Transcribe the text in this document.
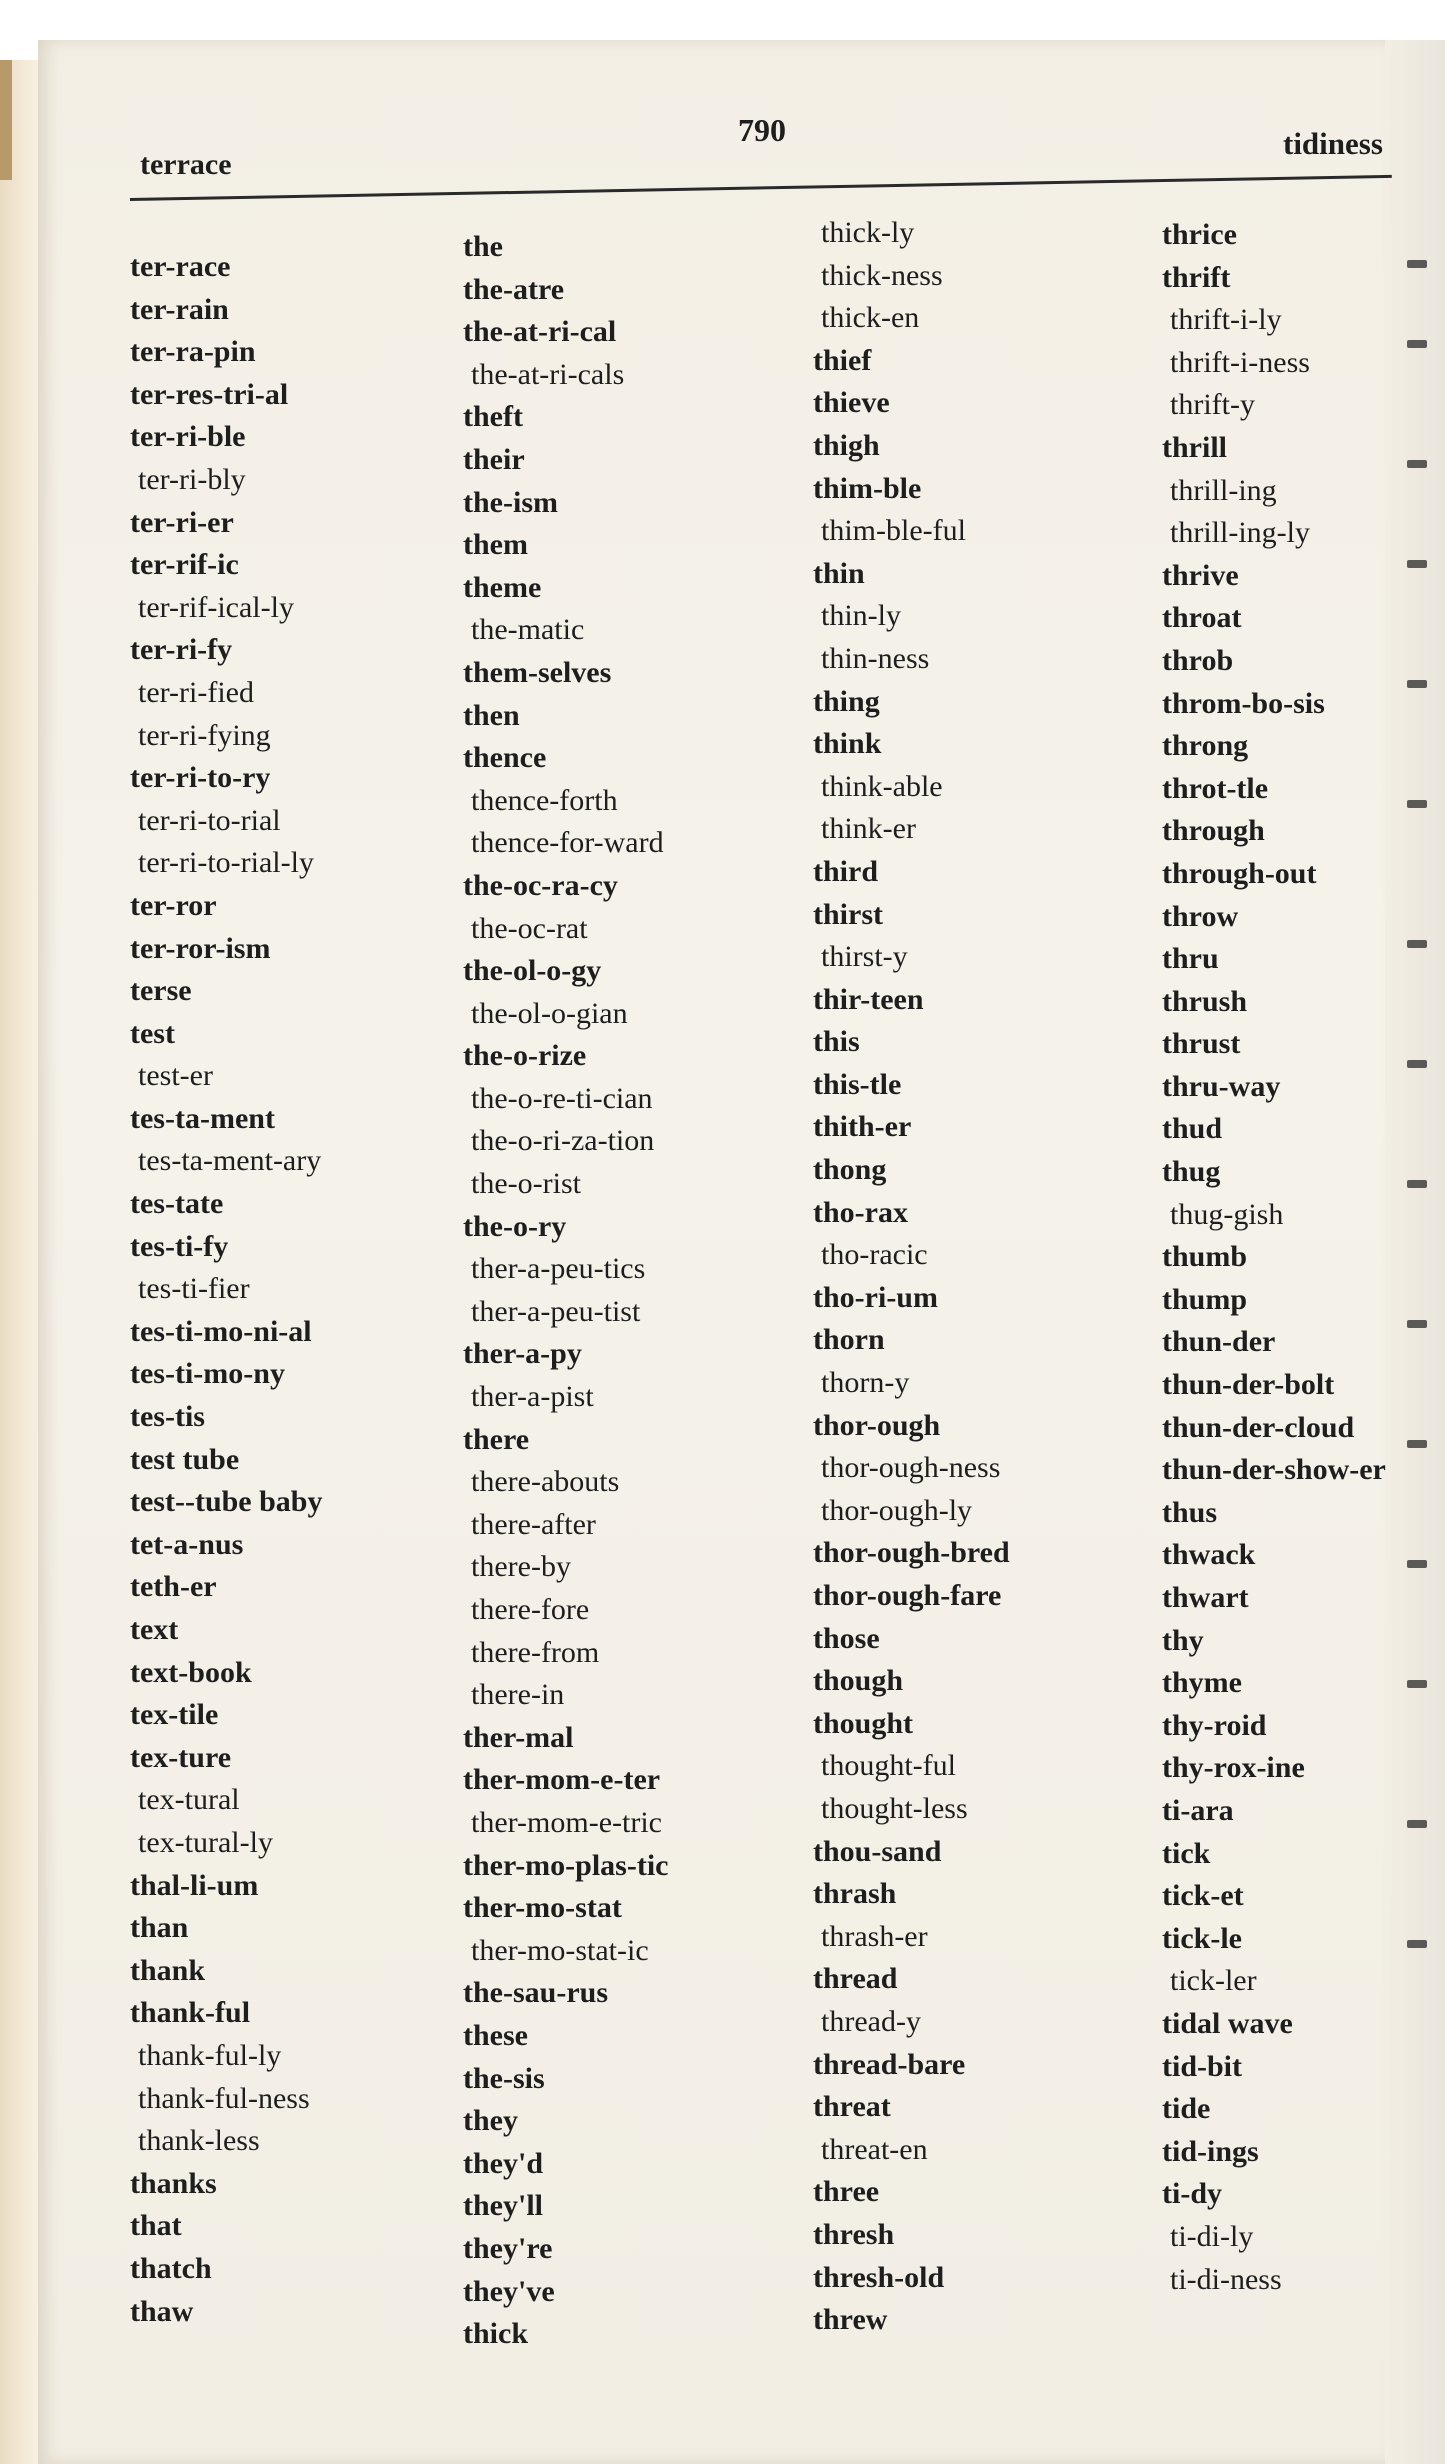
terrace
790	tidiness
ter-race
ter-rain
ter-ra-pin
ter-res-tri-al
ter-ri-ble
ter-ri-bly
ter-ri-er
ter-rif-ic
ter-rif-ical-ly
ter-ri-fy
ter-ri-fied
ter-ri-fying
ter-ri-to-ry
ter-ri-to-rial
ter-ri-to-rial-ly
ter-ror
ter-ror-ism
terse
test
test-er
tes-ta-ment
tes-ta-ment-ary
tes-tate
tes-ti-fy
tes-ti-fier
tes-ti-mo-ni-al
tes-ti-mo-ny
tes-tis
test tube
test--tube baby
tet-a-nus
teth-er
text
text-book
tex-tile
tex-ture
tex-tural
tex-tural-ly
thal-li-um
than
thank
thank-ful
thank-ful-ly
thank-ful-ness
thank-less
thanks
that
thatch
thaw
the
the-atre
the-at-ri-cal
the-at-ri-cals
theft
their
the-ism
them
theme
the-matic
them-selves
then
thence
thence-forth
thence-for-ward
the-oc-ra-cy
the-oc-rat
the-ol-o-gy
the-ol-o-gian
the-o-rize
the-o-re-ti-cian
the-o-ri-za-tion
the-o-rist
the-o-ry
ther-a-peu-tics
ther-a-peu-tist
ther-a-py
ther-a-pist
there
there-abouts
there-after
there-by
there-fore
there-from
there-in
ther-mal
ther-mom-e-ter
ther-mom-e-tric
ther-mo-plas-tic
ther-mo-stat
ther-mo-stat-ic
the-sau-rus
these
the-sis
they
they'd
they'll
they're
they've
thick
thick-ly
thick-ness
thick-en
thief
thieve
thigh
thim-ble
thim-ble-ful
thin
thin-ly
thin-ness
thing
think
think-able
think-er
third
thirst
thirst-y
thir-teen
this
this-tle
thith-er
thong
tho-rax
tho-racic
tho-ri-um
thorn
thorn-y
thor-ough
thor-ough-ness
thor-ough-ly
thor-ough-bred
thor-ough-fare
those
though
thought
thought-ful
thought-less
thou-sand
thrash
thrash-er
thread
thread-y
thread-bare
threat
threat-en
three
thresh
thresh-old
threw
thrice
thrift
thrift-i-ly
thrift-i-ness
thrift-y
thrill
thrill-ing
thrill-ing-ly
thrive
throat
throb
throm-bo-sis
throng
throt-tle
through
through-out
throw
thru
thrush
thrust
thru-way
thud
thug
thug-gish
thumb
thump
thun-der
thun-der-bolt
thun-der-cloud
thun-der-show-er
thus
thwack
thwart
thy
thyme
thy-roid
thy-rox-ine
ti-ara
tick
tick-et
tick-le
tick-ler
tidal wave
tid-bit
tide
tid-ings
ti-dy
ti-di-ly
ti-di-ness
